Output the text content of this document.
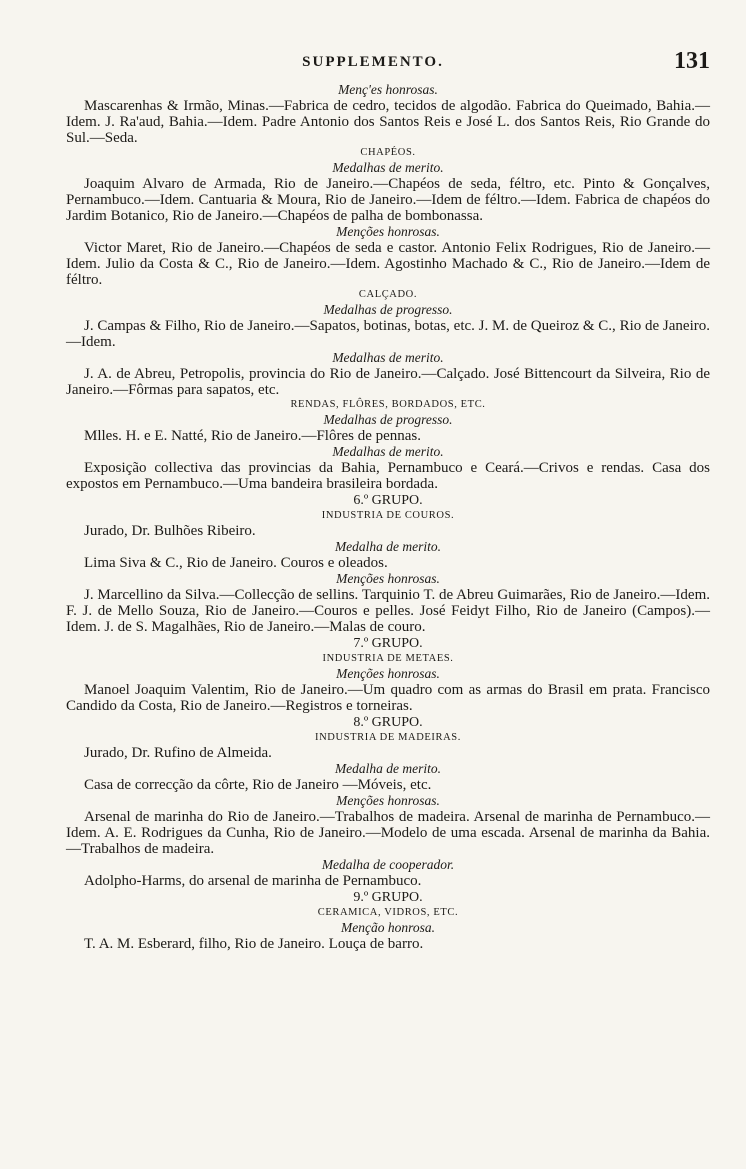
SUPPLEMENTO.	131

Menç'es honrosas.

Mascarenhas & Irmão, Minas.—Fabrica de cedro, tecidos de algodão. Fabrica do Queimado, Bahia.—Idem. J. Ra'aud, Bahia.—Idem. Padre Antonio dos Santos Reis e José L. dos Santos Reis, Rio Grande do Sul.—Seda.

CHAPÉOS.

Medalhas de merito.

Joaquim Alvaro de Armada, Rio de Janeiro.—Chapéos de seda, féltro, etc. Pinto & Gonçalves, Pernambuco.—Idem. Cantuaria & Moura, Rio de Janeiro.—Idem de féltro.—Idem. Fabrica de chapéos do Jardim Botanico, Rio de Janeiro.—Chapéos de palha de bombonassa.

Menções honrosas.

Victor Maret, Rio de Janeiro.—Chapéos de seda e castor. Antonio Felix Rodrigues, Rio de Janeiro.—Idem. Julio da Costa & C., Rio de Janeiro.—Idem. Agostinho Machado & C., Rio de Janeiro.—Idem de féltro.

CALÇADO.

Medalhas de progresso.

J. Campas & Filho, Rio de Janeiro.—Sapatos, botinas, botas, etc. J. M. de Queiroz & C., Rio de Janeiro.—Idem.

Medalhas de merito.

J. A. de Abreu, Petropolis, provincia do Rio de Janeiro.—Calçado. José Bittencourt da Silveira, Rio de Janeiro.—Fôrmas para sapatos, etc.

RENDAS, FLÔRES, BORDADOS, ETC.

Medalhas de progresso.

Mlles. H. e E. Natté, Rio de Janeiro.—Flôres de pennas.

Medalhas de merito.

Exposição collectiva das provincias da Bahia, Pernambuco e Ceará.—Crivos e rendas. Casa dos expostos em Pernambuco.—Uma bandeira brasileira bordada.

6.º GRUPO.

INDUSTRIA DE COUROS.

Jurado, Dr. Bulhões Ribeiro.

Medalha de merito.

Lima Siva & C., Rio de Janeiro. Couros e oleados.

Menções honrosas.

J. Marcellino da Silva.—Collecção de sellins. Tarquinio T. de Abreu Guimarães, Rio de Janeiro.—Idem. F. J. de Mello Souza, Rio de Janeiro.—Couros e pelles. José Feidyt Filho, Rio de Janeiro (Campos).—Idem. J. de S. Magalhães, Rio de Janeiro.—Malas de couro.

7.º GRUPO.

INDUSTRIA DE METAES.

Menções honrosas.

Manoel Joaquim Valentim, Rio de Janeiro.—Um quadro com as armas do Brasil em prata. Francisco Candido da Costa, Rio de Janeiro.—Registros e torneiras.

8.º GRUPO.

INDUSTRIA DE MADEIRAS.

Jurado, Dr. Rufino de Almeida.

Medalha de merito.

Casa de correcção da côrte, Rio de Janeiro —Móveis, etc.

Menções honrosas.

Arsenal de marinha do Rio de Janeiro.—Trabalhos de madeira. Arsenal de marinha de Pernambuco.—Idem. A. E. Rodrigues da Cunha, Rio de Janeiro.—Modelo de uma escada. Arsenal de marinha da Bahia.—Trabalhos de madeira.

Medalha de cooperador.

Adolpho-Harms, do arsenal de marinha de Pernambuco.

9.º GRUPO.

CERAMICA, VIDROS, ETC.

Menção honrosa.

T. A. M. Esberard, filho, Rio de Janeiro. Louça de barro.
